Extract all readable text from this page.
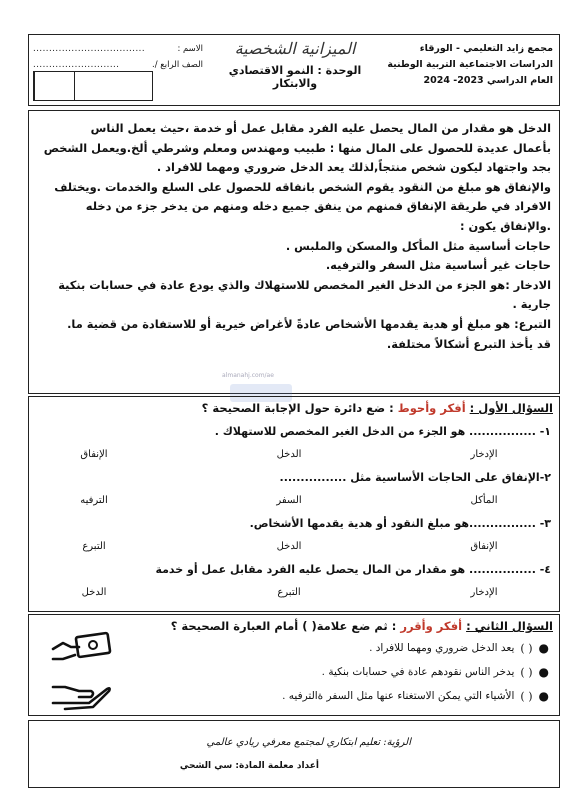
مجمع زايد التعليمي - الورقاء
الدراسات الاجتماعية التربية الوطنية
العام الدراسي 2023- 2024
الميزانية الشخصية
الوحدة : النمو الاقتصادي والابتكار
الاسم :
...................................
الصف الرابع /.
...........................

الدخل هو مقدار من المال يحصل عليه الفرد مقابل عمل أو خدمة ،حيث يعمل الناس

بأعمال عديدة للحصول على المال منها : طبيب ومهندس ومعلم وشرطي ألخ.ويعمل الشخص

بجد واجتهاد ليكون شخص منتجاً,لذلك يعد الدخل ضروري ومهما للافراد .

والإنفاق هو مبلغ من النقود يقوم الشخص بانفاقه للحصول على السلع والخدمات .ويختلف

الافراد في طريقة الإنفاق فمنهم من ينفق جميع دخله ومنهم من يدخر جزء من دخله

.والإنفاق يكون :

حاجات أساسية مثل المأكل والمسكن والملبس .

حاجات غير أساسية مثل السفر والترفيه.

الادخار :هو الجزء من الدخل الغير المخصص للاستهلاك والذي يودع عادة في حسابات بنكية

جارية .

التبرع: هو مبلغ أو هدية يقدمها الأشخاص عادةً لأغراض خيرية أو للاستفادة من قضية ما.

قد يأخذ التبرع أشكالاً مختلفة.

almanahj.com/ae
السؤال الأول : أفكر وأحوط : ضع دائرة حول الإجابة الصحيحة ؟
١- ................ هو الجزء من الدخل الغير المخصص للاستهلاك .
الإدخار
الدخل
الإنفاق
٢-الإنفاق على الحاجات الأساسية مثل ................
المأكل
السفر
الترفيه
٣- ................هو مبلغ النقود أو هدية يقدمها الأشخاص.
الإنفاق
الدخل
التبرع
٤- ................ هو مقدار من المال يحصل عليه الفرد مقابل عمل أو خدمة
الإدخار
التبرع
الدخل
السؤال الثاني : أفكر وأقرر : ثم ضع علامة( ) أمام العبارة الصحيحة ؟
●
( )
يعد الدخل ضروري ومهما للافراد .
●
( )
يدخر الناس نقودهم عادة في حسابات بنكية .
●
( )
الأشياء التي يمكن الاستغناء عنها مثل السفر ةالترفيه .
الرؤية: تعليم ابتكاري لمجتمع معرفي ريادي عالمي
أعداد معلمة المادة: سي الشحي
